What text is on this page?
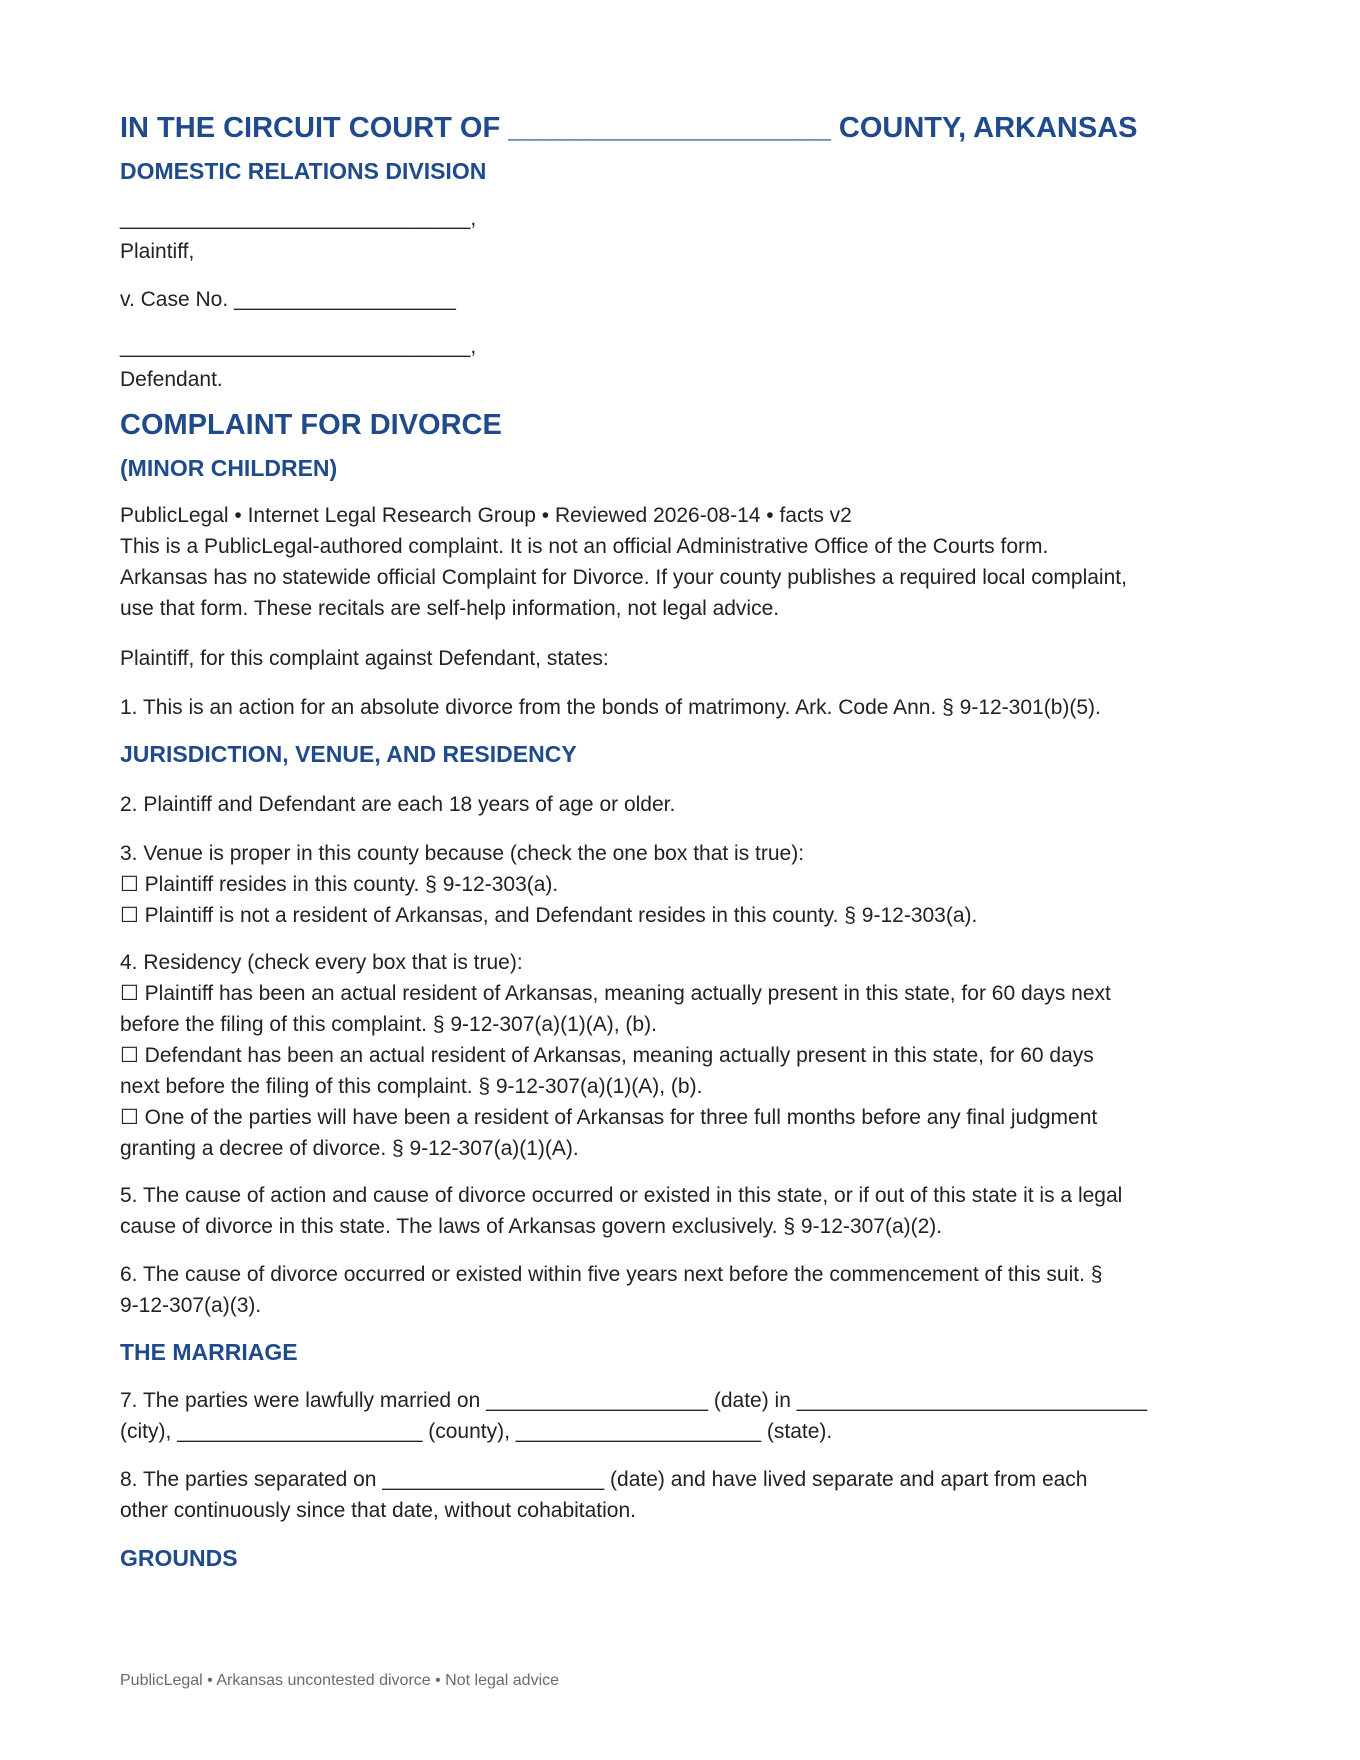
IN THE CIRCUIT COURT OF ____________________ COUNTY, ARKANSAS
DOMESTIC RELATIONS DIVISION
______________________________,
Plaintiff,
v. Case No. ___________________
______________________________,
Defendant.
COMPLAINT FOR DIVORCE
(MINOR CHILDREN)
PublicLegal • Internet Legal Research Group • Reviewed 2026-08-14 • facts v2
This is a PublicLegal-authored complaint. It is not an official Administrative Office of the Courts form.
Arkansas has no statewide official Complaint for Divorce. If your county publishes a required local complaint,
use that form. These recitals are self-help information, not legal advice.
Plaintiff, for this complaint against Defendant, states:
1. This is an action for an absolute divorce from the bonds of matrimony. Ark. Code Ann. § 9-12-301(b)(5).
JURISDICTION, VENUE, AND RESIDENCY
2. Plaintiff and Defendant are each 18 years of age or older.
3. Venue is proper in this county because (check the one box that is true):
☐ Plaintiff resides in this county. § 9-12-303(a).
☐ Plaintiff is not a resident of Arkansas, and Defendant resides in this county. § 9-12-303(a).
4. Residency (check every box that is true):
☐ Plaintiff has been an actual resident of Arkansas, meaning actually present in this state, for 60 days next
before the filing of this complaint. § 9-12-307(a)(1)(A), (b).
☐ Defendant has been an actual resident of Arkansas, meaning actually present in this state, for 60 days
next before the filing of this complaint. § 9-12-307(a)(1)(A), (b).
☐ One of the parties will have been a resident of Arkansas for three full months before any final judgment
granting a decree of divorce. § 9-12-307(a)(1)(A).
5. The cause of action and cause of divorce occurred or existed in this state, or if out of this state it is a legal
cause of divorce in this state. The laws of Arkansas govern exclusively. § 9-12-307(a)(2).
6. The cause of divorce occurred or existed within five years next before the commencement of this suit. §
9-12-307(a)(3).
THE MARRIAGE
7. The parties were lawfully married on ___________________ (date) in ______________________________
(city), _____________________ (county), _____________________ (state).
8. The parties separated on ___________________ (date) and have lived separate and apart from each
other continuously since that date, without cohabitation.
GROUNDS
PublicLegal • Arkansas uncontested divorce • Not legal advice
